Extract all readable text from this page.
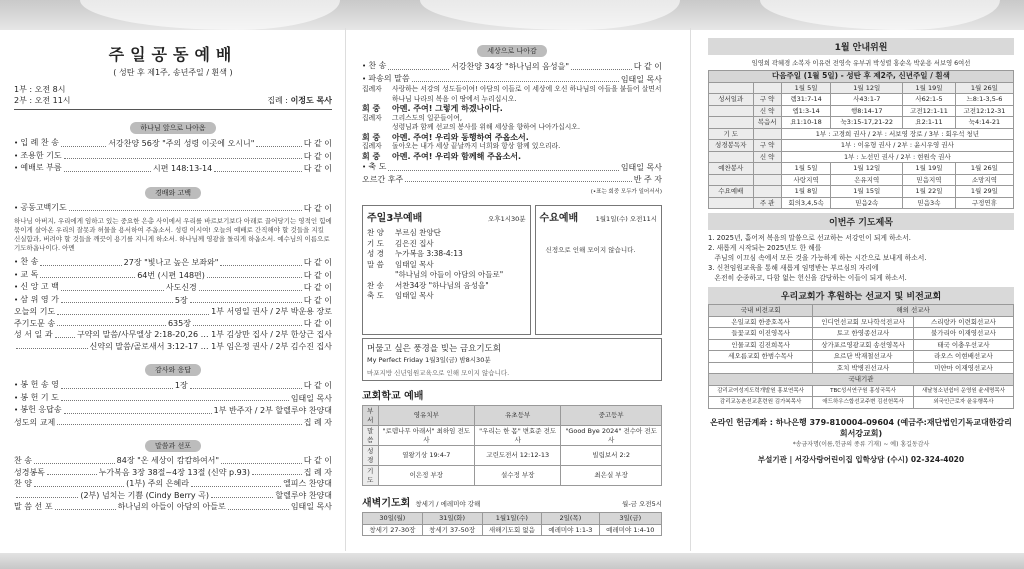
주일공동예배
( 성탄 후 제1주, 송년주일 / 흰색 )
1부 : 오전 8시
2부 : 오전 11시	집례 : 이정도 목사
하나님 앞으로 나아옴
• 입 례 찬 송	서강찬양 56장 "주의 성령 이곳에 오시니"	다 같 이
• 조용한 기도	다 같 이
• 예배로 부름	시편 148:13-14	다 같 이
경배와 고백
• 공동고백기도	다 같 이
하나님 아버지, 우리에게 임하고 있는 중요한 은총 사이에서 우리를 바르보기보다 아래로 끌어당기는 영적인 힘에 묶이게 살아온 우리의 잘못과 허물을 용서하여 주옵소서. 성령 이시여! 오늘의 예배로 간직해야 할 것들을 지킬 신실함과, 버려야 할 것들을 깨끗이 용기를 지니게 하소서. 하나님께 영광을 돌리게 하옵소서. 예수님의 이름으로 기도하옵나이다. 아멘
• 찬 송	27장 "빛나고 높은 보좌와"	다 같 이
• 교 독	64번 (시편 148편)	다 같 이
• 신 앙 고 백	사도신경	다 같 이
• 삼 위 영 가	5장	다 같 이
오늘의 기도	1부 서영일 권사 / 2부 박운용 장로
주기도문 송	635장	다 같 이
성 서 일 과	구약의 말씀/사무엘상 2:18-20,26 … 1부 김상만 집사 / 2부 한상근 집사
신약의 말씀/골로새서 3:12-17 … 1부 임은정 권사 / 2부 김수진 집사
감사와 응답
• 봉 헌 송 영	1장	다 같 이
• 봉 헌 기 도	임태일 목사
• 봉헌 응답송	1부 반주자 / 2부 할렐루야 찬양대
성도의 교제	집 례 자
말씀과 선포
찬 송	84장 "온 세상이 캄캄하여서"	다 같 이
성경봉독	누가복음 3장 38절~4장 13절 (신약 p.93)	집 례 자
찬 양	(1부) 주의 은혜라	엘피스 찬양대
(2부) 넘치는 기쁨 (Cindy Berry 곡)	할렐루야 찬양대
말 씀 선 포	하나님의 아들이 아담의 아들로	임태일 목사
세상으로 나아감
• 찬 송	서강찬양 34장 "하나님의 음성을"	다 같 이
• 파송의 말씀	임태일 목사
집례자	사랑하는 서강의 성도들이여! 아담의 이들로 이 세상에 오신 하나님의 아들을 붙들어 살면서 하나님 나라의 복음 이 땅에서 누리십시오.
회 중	아멘. 주여! 그렇게 하겠나이다.
집례자	그리스도의 일꾼들이여,
성령님과 함께 선교의 봉사를 위해 세상을 향하여 나아가십시오.
회 중	아멘. 주여! 우리와 동행하여 주옵소서.
집례자	돌아오는 내가 세상 끝날까지 너희와 항상 함께 있으리라.
회 중	아멘. 주여! 우리와 함께해 주옵소서.
• 축 도	임태일 목사
오르간 후주	반 주 자
(•표는 회중 모두가 일어서서)
주일3부예배	오후1시30분
찬 양 부르심 찬양단
기 도 김은진 집사
성 경 누가복음 3:38-4:13
말 씀 임태일 목사
"하나님의 아들이 아담의 아들로"
찬 송 서찬34장 "하나님의 음성을"
축 도 임태일 목사
수요예배	1월1일(수) 오전11시
신정으로 인해 모이지 않습니다.
머물고 싶은 풍경을 빚는 금요기도회
My Perfect Friday 1월3일(금) 밤8시30분
마포지방 신년임원교육으로 인해 모이지 않습니다.
교회학교 예배
부서	영유치부	유초등부	중고등부
말씀	"로뎀나무 아래서" 최하임 전도사	"우리는 한 몸" 변효준 전도사	"Good Bye 2024" 전수아 전도사
성경	열왕기상 19:4-7	고린도전서 12:12-13	빌립보서 2:2
기도	이은정 부장	설수정 부장	최은실 부장
새벽기도회 창세기 / 에레미야 강해	월-금 오전5시
30일(월)	31일(화)	1월1일(수)	2일(목)	3일(금)
창세기 27-30장	창세기 37-50장	새해기도회 없음	예레미야 1:1-3	예레미야 1:4-10
1월 안내위원
임영희 곽혜경 소복자 이유련 전영숙 유부귀 박성렬 홍순옥 박운용 서보영 6여선
다음주일 (1월 5일) - 성탄 후 제2주, 신년주일 / 흰색					
		1월 5일	1월 12일	1월 19일	1월 26일
성서일과	구 약	렘31:7-14	사43:1-7	사62:1-5	느8:1-3,5-6
	신 약	엡1:3-14	행8:14-17	고전12:1-11	고전12:12-31
	복음서	요1:10-18	눅3:15-17,21-22	요2:1-11	눅4:14-21
기 도		1부 : 고경희 권사 / 2부 : 서보영 장로 / 3부 : 회우석 청년			
성경봉독자	구 약	1부 : 이유형 권사 / 2부 : 윤시우영 권사			
	신 약	1부 : 노선민 권사 / 2부 : 현원숙 권사			
예찬봉사		1월 5일	1월 12일	1월 19일	1월 26일
		사랑지역	은유지역	믿음지역	소망지역
수요예배		1월 8일	1월 15일	1월 22일	1월 29일
	주 관	회의3,4,5속	믿음2속	믿음3속	구정연휴
이번주 기도제목
1. 2025년, 흩어져 복음의 말씀으로 선교하는 서강인이 되게 하소서.
2. 새롭게 시작되는 2025년도 한 해를
주님의 이끄심 속에서 모든 것을 가능하게 하는 시간으로 보내게 하소서.
3. 신천임원교육을 통해 새롭게 임명받는 부르심의 자리에
온전히 순종하고, 다함 없는 헌신을 감당하는 이들이 되게 하소서.
우리교회가 후원하는 선교지 및 비전교회
국내 비전교회	해외 선교사	
은일교회 한중호목사	인디언선교회 모나학석전교사	스리랑카 이련회선교사
들꽃교회 이진영목사	토고 한영종선교사	불가리아 이재영선교사
인물교회 김진희목사	상가포르영광교회 송선영목사	태국 이충우선교사
세오름교회 한범수목사	요르단 박재철선교사	라오스 이현배선교사
	호치 박병진선교사	미얀마 이재영선교사
국내기관		
감리교여성지도력개발원 홍보연목사	TBC성서연구원 홍성국목사	새날청소년쉼터 운영원 윤세명목사
감리교농촌선교훈련원 김가복목사	애드하우스합선교주변 김선헌목사	외국인근로자 윤유행목사
온라인 헌금계좌 : 하나은행 379-810004-09604 (예금주:재단법인기독교대한감리회서강교회)
*송금자명(이름,헌금의 종류 기재) ~ 예) 홍길동감사
부설기관 | 서강사랑어린이집 입학상담 (수시) 02-324-4020
